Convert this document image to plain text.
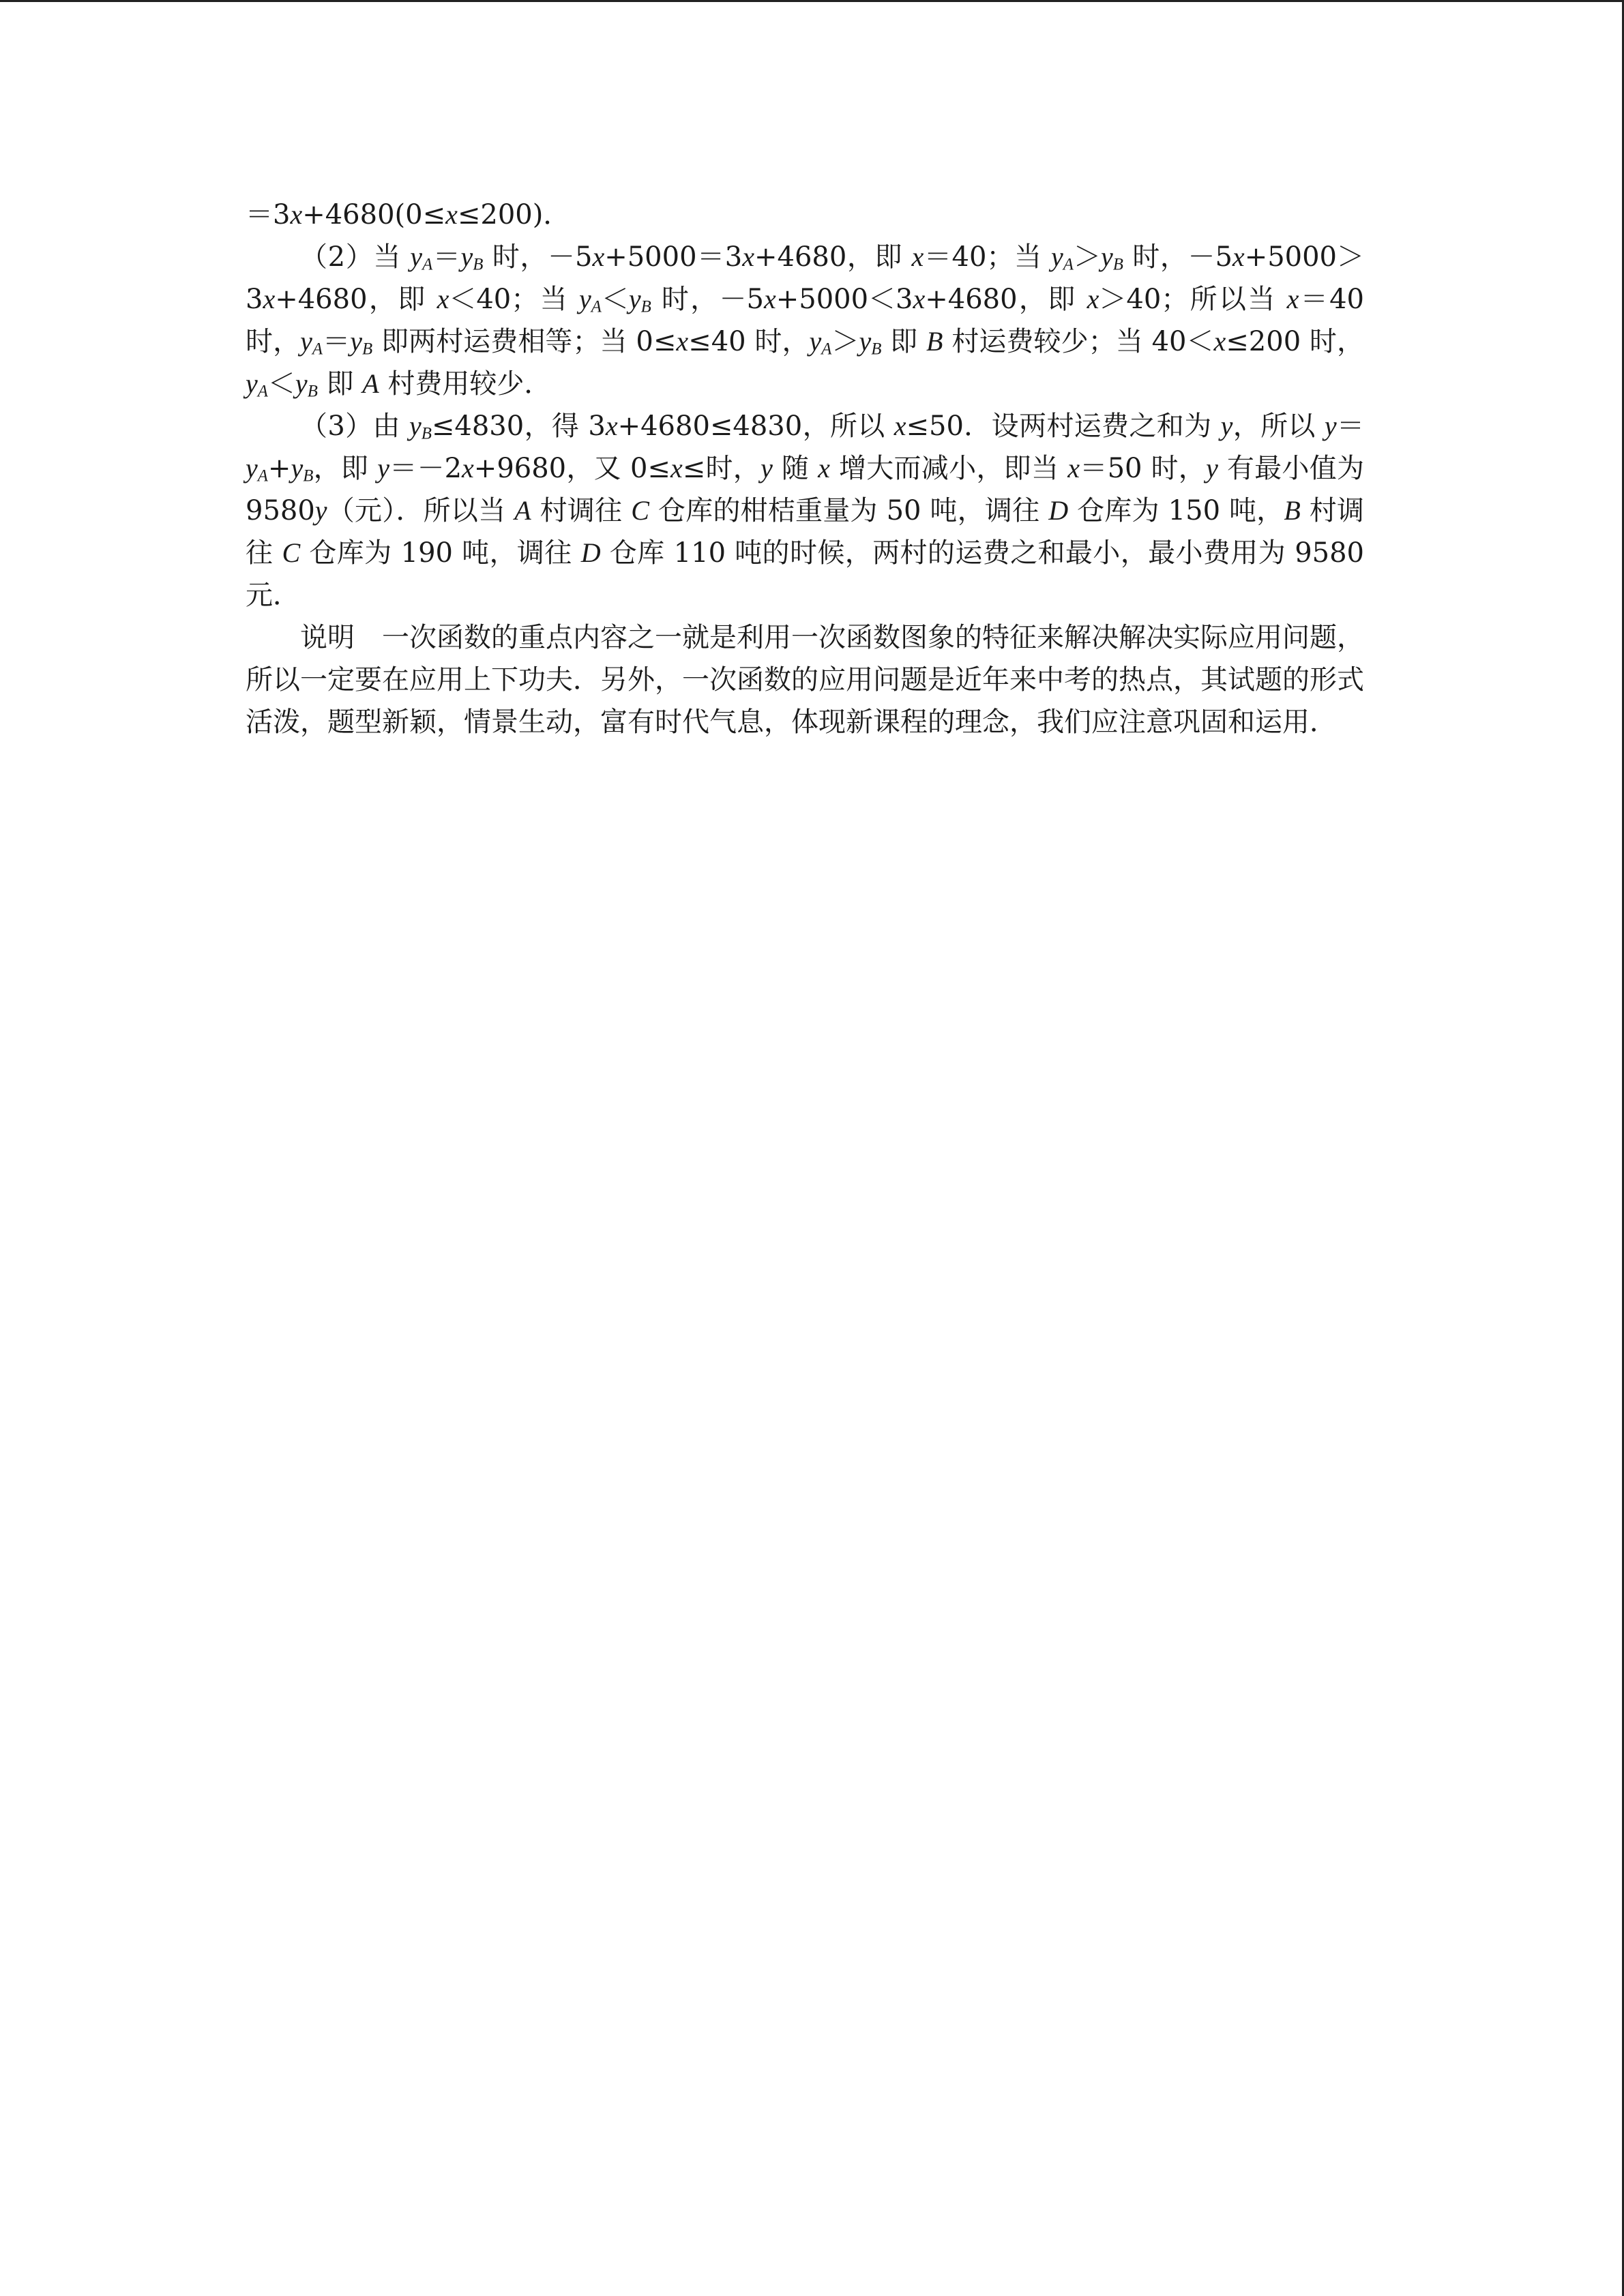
＝3x+4680(0≤x≤200)．

（2）当 $y_A=y_B$ 时，－5x+5000＝3x+4680，即 x＝40；当 $y_A>y_B$ 时，－5x+5000＞3x+4680，即 x＜40；当 $y_A<y_B$ 时，－5x+5000＜3x+4680，即 x＞40；所以当 x＝40 时，$y_A=y_B$ 即两村运费相等；当 0≤x≤40 时，$y_A>y_B$ 即 B 村运费较少；当 40＜x≤200 时，$y_A<y_B$ 即 A 村费用较少．

（3）由 $y_B\le 4830$，得 3x+4680≤4830，所以 x≤50．设两村运费之和为 y，所以 $y=y_A+y_B$，即 y＝－2x+9680，又 0≤x≤时，y 随 x 增大而减小，即当 x＝50 时，y 有最小值为 9580y（元）．所以当 A 村调往 C 仓库的柑桔重量为 50 吨，调往 D 仓库为 150 吨，B 村调往 C 仓库为 190 吨，调往 D 仓库 110 吨的时候，两村的运费之和最小，最小费用为 9580 元．

说明　 一次函数的重点内容之一就是利用一次函数图象的特征来解决解决实际应用问题，所以一定要在应用上下功夫．另外，一次函数的应用问题是近年来中考的热点，其试题的形式活泼，题型新颖，情景生动，富有时代气息，体现新课程的理念，我们应注意巩固和运用．
